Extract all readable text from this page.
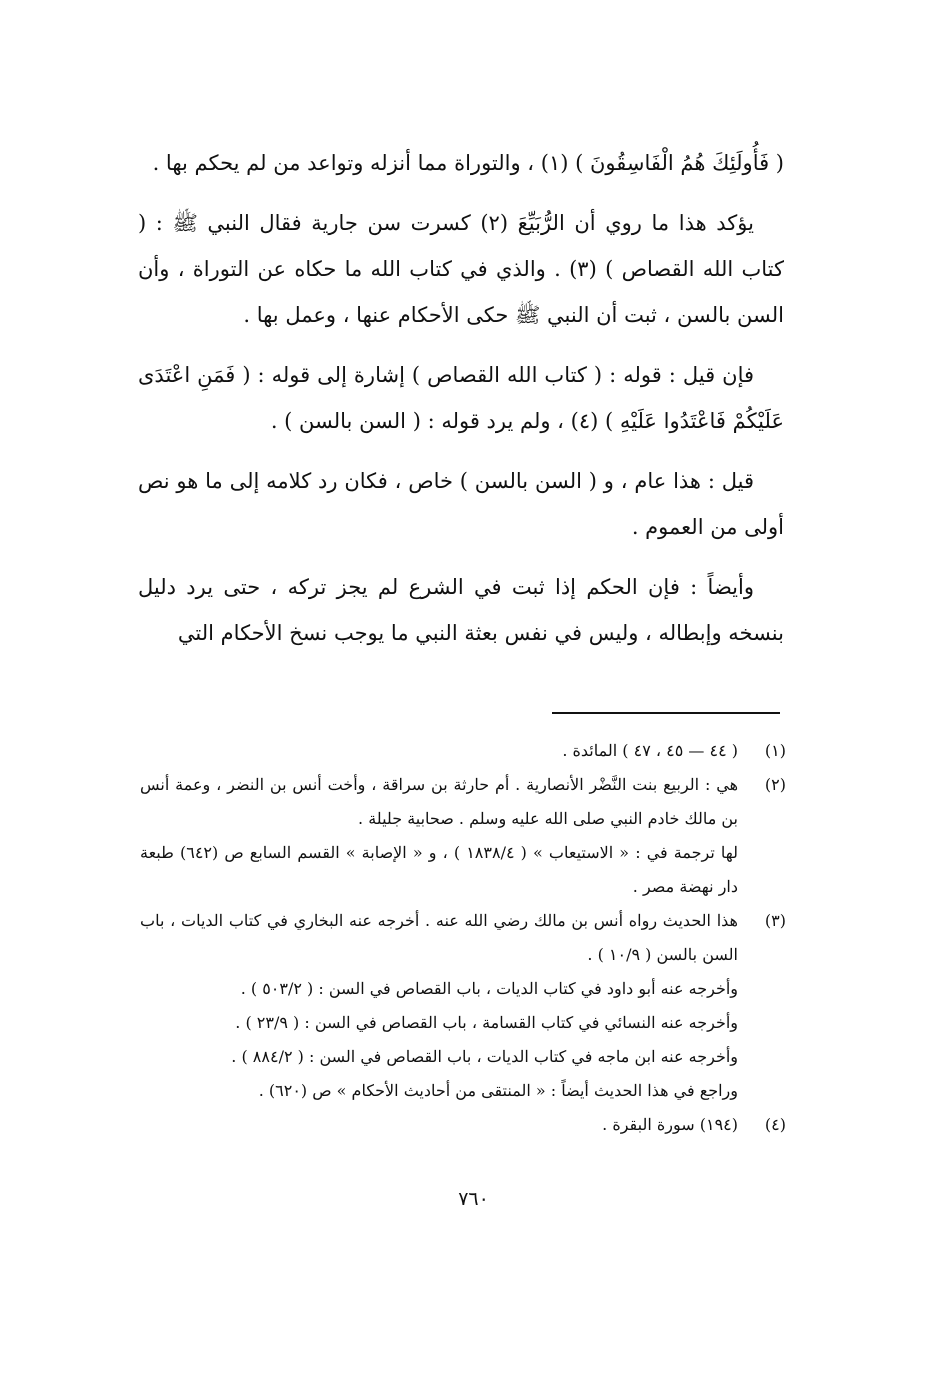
( فَأُولَئِكَ هُمُ الْفَاسِقُونَ ) (١) ، والتوراة مما أنزله وتواعد من لم يحكم بها .

يؤكد هذا ما روي أن الرُّبَيِّعَ (٢) كسرت سن جارية فقال النبي ﷺ : ( كتاب الله القصاص ) (٣) . والذي في كتاب الله ما حكاه عن التوراة ، وأن السن بالسن ، ثبت أن النبي ﷺ حكى الأحكام عنها ، وعمل بها .

فإن قيل : قوله : ( كتاب الله القصاص ) إشارة إلى قوله : ( فَمَنِ اعْتَدَى عَلَيْكُمْ فَاعْتَدُوا عَلَيْهِ ) (٤) ، ولم يرد قوله : ( السن بالسن ) .

قيل : هذا عام ، و ( السن بالسن ) خاص ، فكان رد كلامه إلى ما هو نص أولى من العموم .

وأيضاً : فإن الحكم إذا ثبت في الشرع لم يجز تركه ، حتى يرد دليل بنسخه وإبطاله ، وليس في نفس بعثة النبي ما يوجب نسخ الأحكام التي

(١)
( ٤٤ — ٤٥ ، ٤٧ ) المائدة .
(٢)
هي : الربيع بنت النَّضْر الأنصارية . أم حارثة بن سراقة ، وأخت أنس بن النضر ، وعمة أنس بن مالك خادم النبي صلى الله عليه وسلم . صحابية جليلة .
لها ترجمة في : « الاستيعاب » ( ١٨٣٨/٤ ) ، و « الإصابة » القسم السابع ص (٦٤٢) طبعة دار نهضة مصر .
(٣)
هذا الحديث رواه أنس بن مالك رضي الله عنه . أخرجه عنه البخاري في كتاب الديات ، باب السن بالسن ( ١٠/٩ ) .
وأخرجه عنه أبو داود في كتاب الديات ، باب القصاص في السن : ( ٥٠٣/٢ ) .
وأخرجه عنه النسائي في كتاب القسامة ، باب القصاص في السن : ( ٢٣/٩ ) .
وأخرجه عنه ابن ماجه في كتاب الديات ، باب القصاص في السن : ( ٨٨٤/٢ ) .
وراجع في هذا الحديث أيضاً : « المنتقى من أحاديث الأحكام » ص (٦٢٠) .
(٤)
(١٩٤) سورة البقرة .
٧٦٠
